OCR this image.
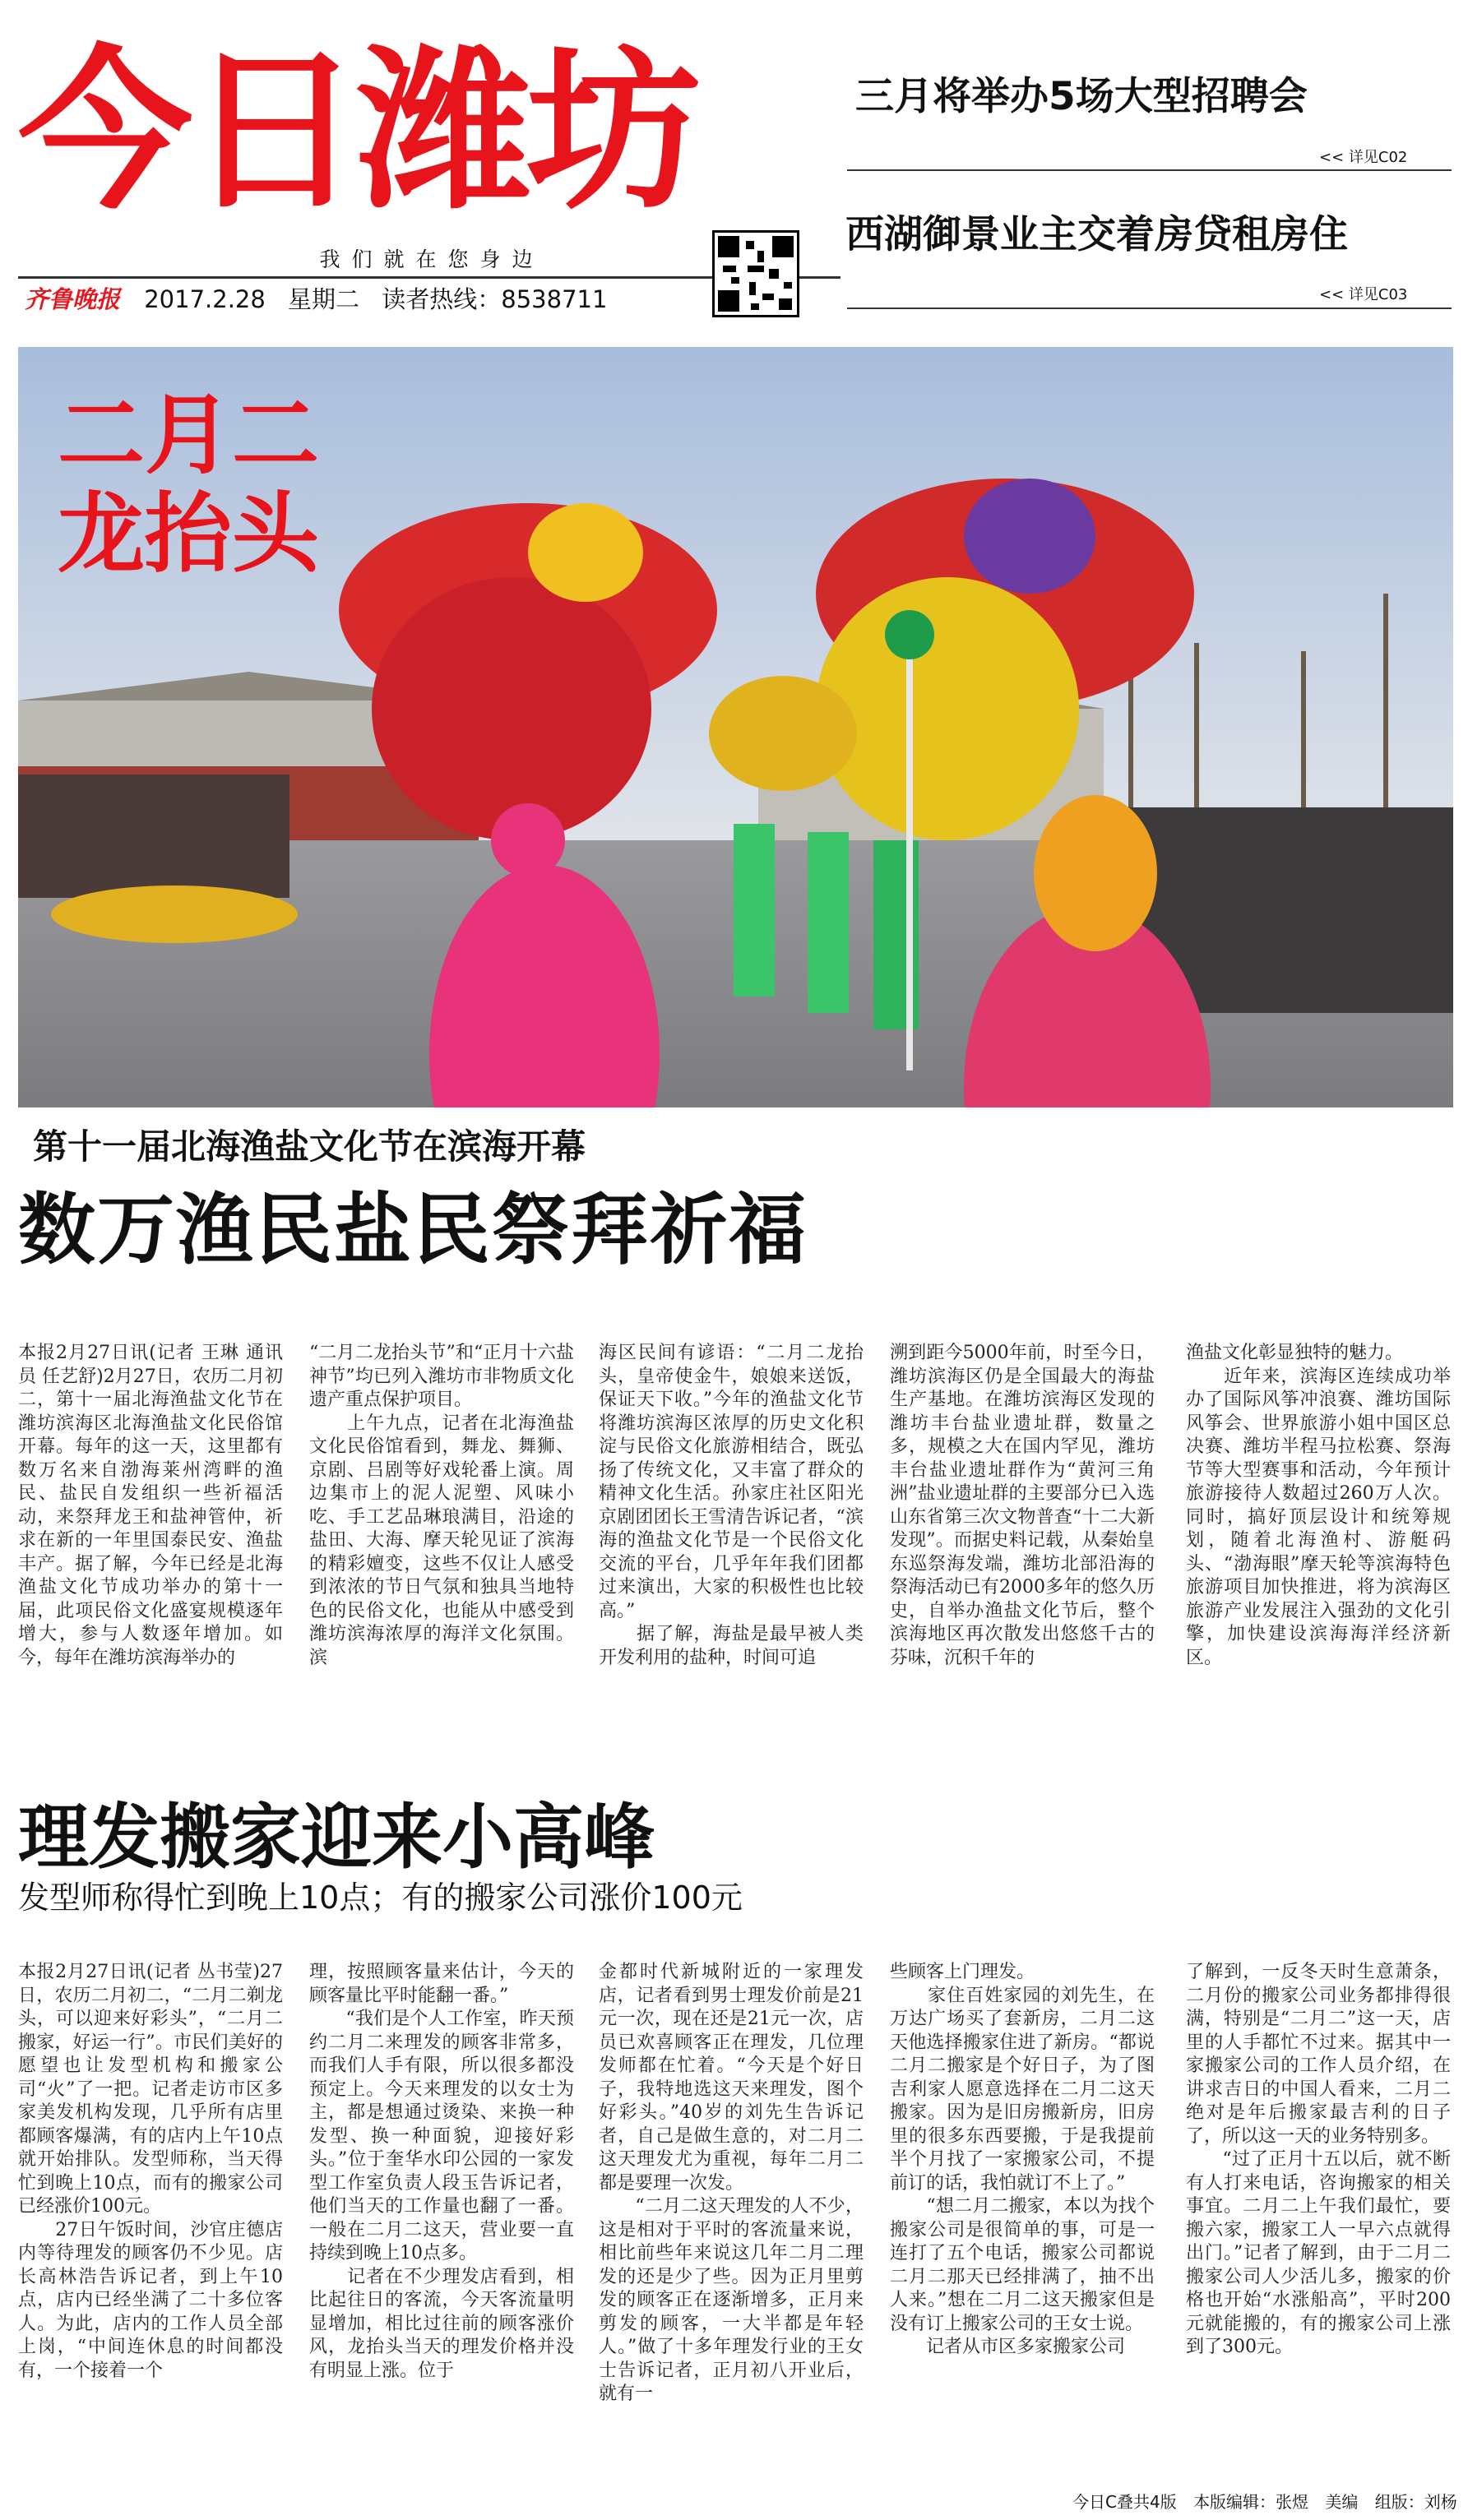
今日潍坊
我们就在您身边
齐鲁晚报 2017.2.28 星期二 读者热线：8538711
三月将举办5场大型招聘会
<< 详见C02
西湖御景业主交着房贷租房住
<< 详见C03
二月二
龙抬头
第十一届北海渔盐文化节在滨海开幕
数万渔民盐民祭拜祈福
本报2月27日讯(记者 王琳 通讯员 任艺舒)2月27日，农历二月初二，第十一届北海渔盐文化节在潍坊滨海区北海渔盐文化民俗馆开幕。每年的这一天，这里都有数万名来自渤海莱州湾畔的渔民、盐民自发组织一些祈福活动，来祭拜龙王和盐神管仲，祈求在新的一年里国泰民安、渔盐丰产。据了解，今年已经是北海渔盐文化节成功举办的第十一届，此项民俗文化盛宴规模逐年增大，参与人数逐年增加。如今，每年在潍坊滨海举办的
“二月二龙抬头节”和“正月十六盐神节”均已列入潍坊市非物质文化遗产重点保护项目。
　　上午九点，记者在北海渔盐文化民俗馆看到，舞龙、舞狮、京剧、吕剧等好戏轮番上演。周边集市上的泥人泥塑、风味小吃、手工艺品琳琅满目，沿途的盐田、大海、摩天轮见证了滨海的精彩嬗变，这些不仅让人感受到浓浓的节日气氛和独具当地特色的民俗文化，也能从中感受到潍坊滨海浓厚的海洋文化氛围。滨
海区民间有谚语：“二月二龙抬头，皇帝使金牛，娘娘来送饭，保证天下收。”今年的渔盐文化节将潍坊滨海区浓厚的历史文化积淀与民俗文化旅游相结合，既弘扬了传统文化，又丰富了群众的精神文化生活。孙家庄社区阳光京剧团团长王雪清告诉记者，“滨海的渔盐文化节是一个民俗文化交流的平台，几乎年年我们团都过来演出，大家的积极性也比较高。”
　　据了解，海盐是最早被人类开发利用的盐种，时间可追
溯到距今5000年前，时至今日，潍坊滨海区仍是全国最大的海盐生产基地。在潍坊滨海区发现的潍坊丰台盐业遗址群，数量之多，规模之大在国内罕见，潍坊丰台盐业遗址群作为“黄河三角洲”盐业遗址群的主要部分已入选山东省第三次文物普查“十二大新发现”。而据史料记载，从秦始皇东巡祭海发端，潍坊北部沿海的祭海活动已有2000多年的悠久历史，自举办渔盐文化节后，整个滨海地区再次散发出悠悠千古的芬味，沉积千年的
渔盐文化彰显独特的魅力。
　　近年来，滨海区连续成功举办了国际风筝冲浪赛、潍坊国际风筝会、世界旅游小姐中国区总决赛、潍坊半程马拉松赛、祭海节等大型赛事和活动，今年预计旅游接待人数超过260万人次。同时，搞好顶层设计和统筹规划，随着北海渔村、游艇码头、“渤海眼”摩天轮等滨海特色旅游项目加快推进，将为滨海区旅游产业发展注入强劲的文化引擎，加快建设滨海海洋经济新区。
理发搬家迎来小高峰
发型师称得忙到晚上10点；有的搬家公司涨价100元
本报2月27日讯(记者 丛书莹)27日，农历二月初二，“二月二剃龙头，可以迎来好彩头”，“二月二搬家，好运一行”。市民们美好的愿望也让发型机构和搬家公司“火”了一把。记者走访市区多家美发机构发现，几乎所有店里都顾客爆满，有的店内上午10点就开始排队。发型师称，当天得忙到晚上10点，而有的搬家公司已经涨价100元。
　　27日午饭时间，沙官庄德店内等待理发的顾客仍不少见。店长高林浩告诉记者，到上午10点，店内已经坐满了二十多位客人。为此，店内的工作人员全部上岗，“中间连休息的时间都没有，一个接着一个
理，按照顾客量来估计，今天的顾客量比平时能翻一番。”
　　“我们是个人工作室，昨天预约二月二来理发的顾客非常多，而我们人手有限，所以很多都没预定上。今天来理发的以女士为主，都是想通过烫染、来换一种发型、换一种面貌，迎接好彩头。”位于奎华水印公园的一家发型工作室负责人段玉告诉记者，他们当天的工作量也翻了一番。一般在二月二这天，营业要一直持续到晚上10点多。
　　记者在不少理发店看到，相比起往日的客流，今天客流量明显增加，相比过往前的顾客涨价风，龙抬头当天的理发价格并没有明显上涨。位于
金都时代新城附近的一家理发店，记者看到男士理发价前是21元一次，现在还是21元一次，店员已欢喜顾客正在理发，几位理发师都在忙着。“今天是个好日子，我特地选这天来理发，图个好彩头。”40岁的刘先生告诉记者，自己是做生意的，对二月二这天理发尤为重视，每年二月二都是要理一次发。
　　“二月二这天理发的人不少，这是相对于平时的客流量来说，相比前些年来说这几年二月二理发的还是少了些。因为正月里剪发的顾客正在逐渐增多，正月来剪发的顾客，一大半都是年轻人。”做了十多年理发行业的王女士告诉记者，正月初八开业后，就有一
些顾客上门理发。
　　家住百姓家园的刘先生，在万达广场买了套新房，二月二这天他选择搬家住进了新房。“都说二月二搬家是个好日子，为了图吉利家人愿意选择在二月二这天搬家。因为是旧房搬新房，旧房里的很多东西要搬，于是我提前半个月找了一家搬家公司，不提前订的话，我怕就订不上了。”
　　“想二月二搬家，本以为找个搬家公司是很简单的事，可是一连打了五个电话，搬家公司都说二月二那天已经排满了，抽不出人来。”想在二月二这天搬家但是没有订上搬家公司的王女士说。
　　记者从市区多家搬家公司
了解到，一反冬天时生意萧条，二月份的搬家公司业务都排得很满，特别是“二月二”这一天，店里的人手都忙不过来。据其中一家搬家公司的工作人员介绍，在讲求吉日的中国人看来，二月二绝对是年后搬家最吉利的日子了，所以这一天的业务特别多。
　　“过了正月十五以后，就不断有人打来电话，咨询搬家的相关事宜。二月二上午我们最忙，要搬六家，搬家工人一早六点就得出门。”记者了解到，由于二月二搬家公司人少活儿多，搬家的价格也开始“水涨船高”，平时200元就能搬的，有的搬家公司上涨到了300元。
今日C叠共4版 本版编辑：张煜 美编 组版：刘杨
